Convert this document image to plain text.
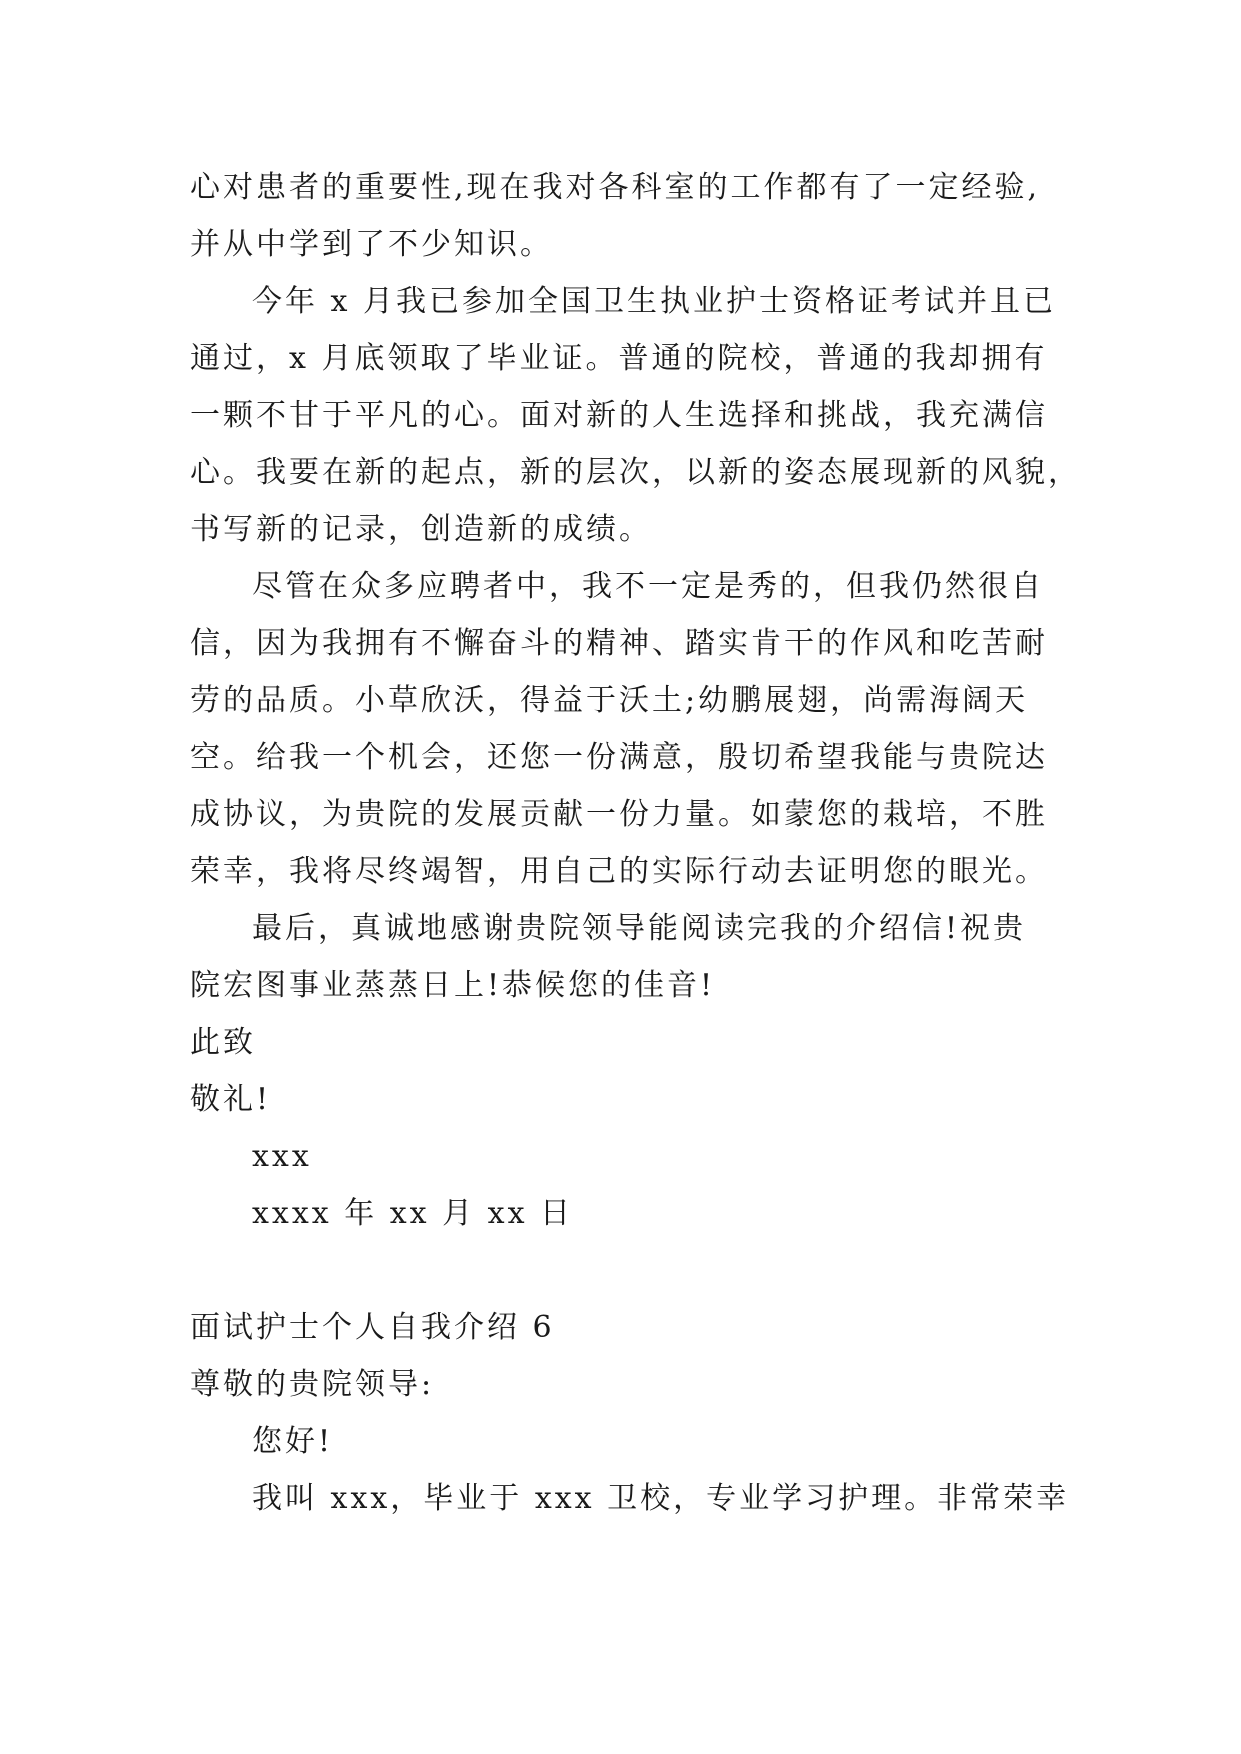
心对患者的重要性,现在我对各科室的工作都有了一定经验,
并从中学到了不少知识。
今年 x 月我已参加全国卫生执业护士资格证考试并且已
通过，x 月底领取了毕业证。普通的院校，普通的我却拥有
一颗不甘于平凡的心。面对新的人生选择和挑战，我充满信
心。我要在新的起点，新的层次，以新的姿态展现新的风貌，
书写新的记录，创造新的成绩。
尽管在众多应聘者中，我不一定是秀的，但我仍然很自
信，因为我拥有不懈奋斗的精神、踏实肯干的作风和吃苦耐
劳的品质。小草欣沃，得益于沃土;幼鹏展翅，尚需海阔天
空。给我一个机会，还您一份满意，殷切希望我能与贵院达
成协议，为贵院的发展贡献一份力量。如蒙您的栽培，不胜
荣幸，我将尽终竭智，用自己的实际行动去证明您的眼光。
最后，真诚地感谢贵院领导能阅读完我的介绍信!祝贵
院宏图事业蒸蒸日上!恭候您的佳音!
此致
敬礼!
xxx
xxxx 年 xx 月 xx 日
面试护士个人自我介绍 6
尊敬的贵院领导:
您好!
我叫 xxx，毕业于 xxx 卫校，专业学习护理。非常荣幸
